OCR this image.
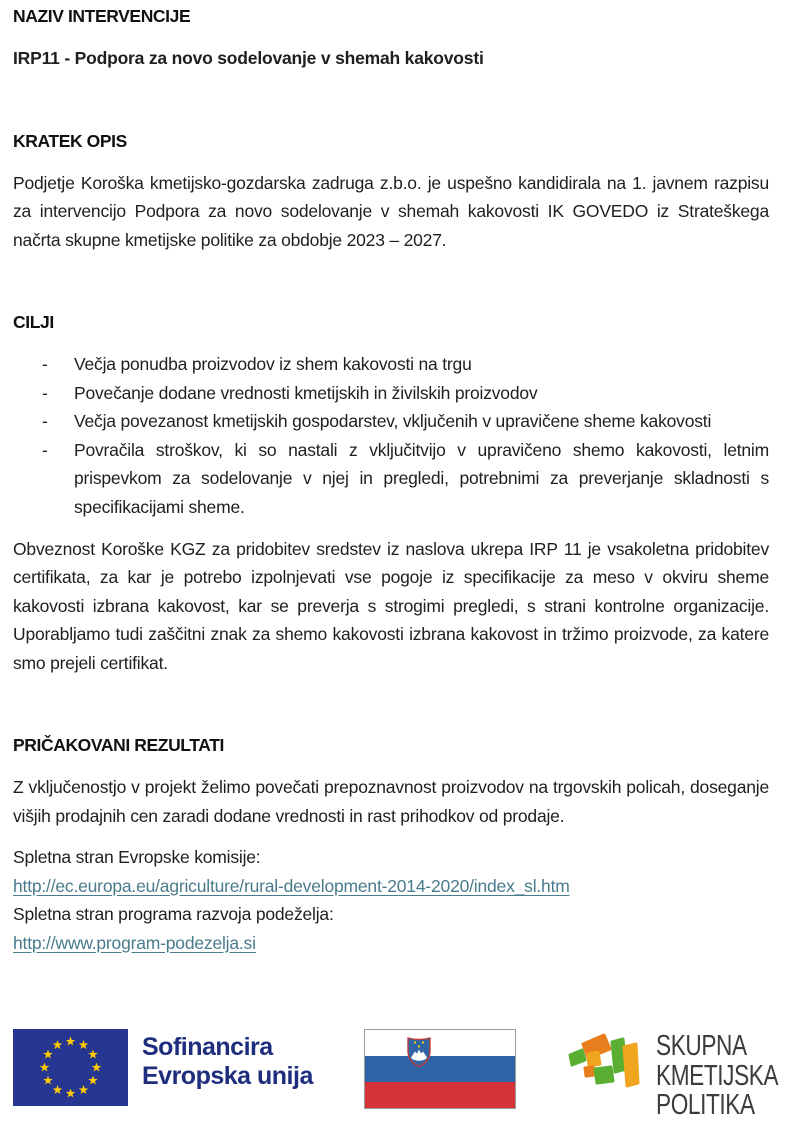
NAZIV INTERVENCIJE

IRP11 - Podpora za novo sodelovanje v shemah kakovosti

KRATEK OPIS

Podjetje Koroška kmetijsko-gozdarska zadruga z.b.o. je uspešno kandidirala na 1. javnem razpisu za intervencijo Podpora za novo sodelovanje v shemah kakovosti IK GOVEDO iz Strateškega načrta skupne kmetijske politike za obdobje 2023 – 2027.

CILJI
-	Večja ponudba proizvodov iz shem kakovosti na trgu
-	Povečanje dodane vrednosti kmetijskih in živilskih proizvodov
-	Večja povezanost kmetijskih gospodarstev, vključenih v upravičene sheme kakovosti
-	Povračila stroškov, ki so nastali z vključitvijo v upravičeno shemo kakovosti, letnim prispevkom za sodelovanje v njej in pregledi, potrebnimi za preverjanje skladnosti s specifikacijami sheme.

Obveznost Koroške KGZ za pridobitev sredstev iz naslova ukrepa IRP 11 je vsakoletna pridobitev certifikata, za kar je potrebo izpolnjevati vse pogoje iz specifikacije za meso v okviru sheme kakovosti izbrana kakovost, kar se preverja s strogimi pregledi, s strani kontrolne organizacije. Uporabljamo tudi zaščitni znak za shemo kakovosti izbrana kakovost in tržimo proizvode, za katere smo prejeli certifikat.

PRIČAKOVANI REZULTATI

Z vključenostjo v projekt želimo povečati prepoznavnost proizvodov na trgovskih policah, doseganje višjih prodajnih cen zaradi dodane vrednosti in rast prihodkov od prodaje.

Spletna stran Evropske komisije:

http://ec.europa.eu/agriculture/rural-development-2014-2020/index_sl.htm

Spletna stran programa razvoja podeželja:

http://www.program-podezelja.si
Sofinancira
Evropska unija
SKUPNA
KMETIJSKA
POLITIKA
